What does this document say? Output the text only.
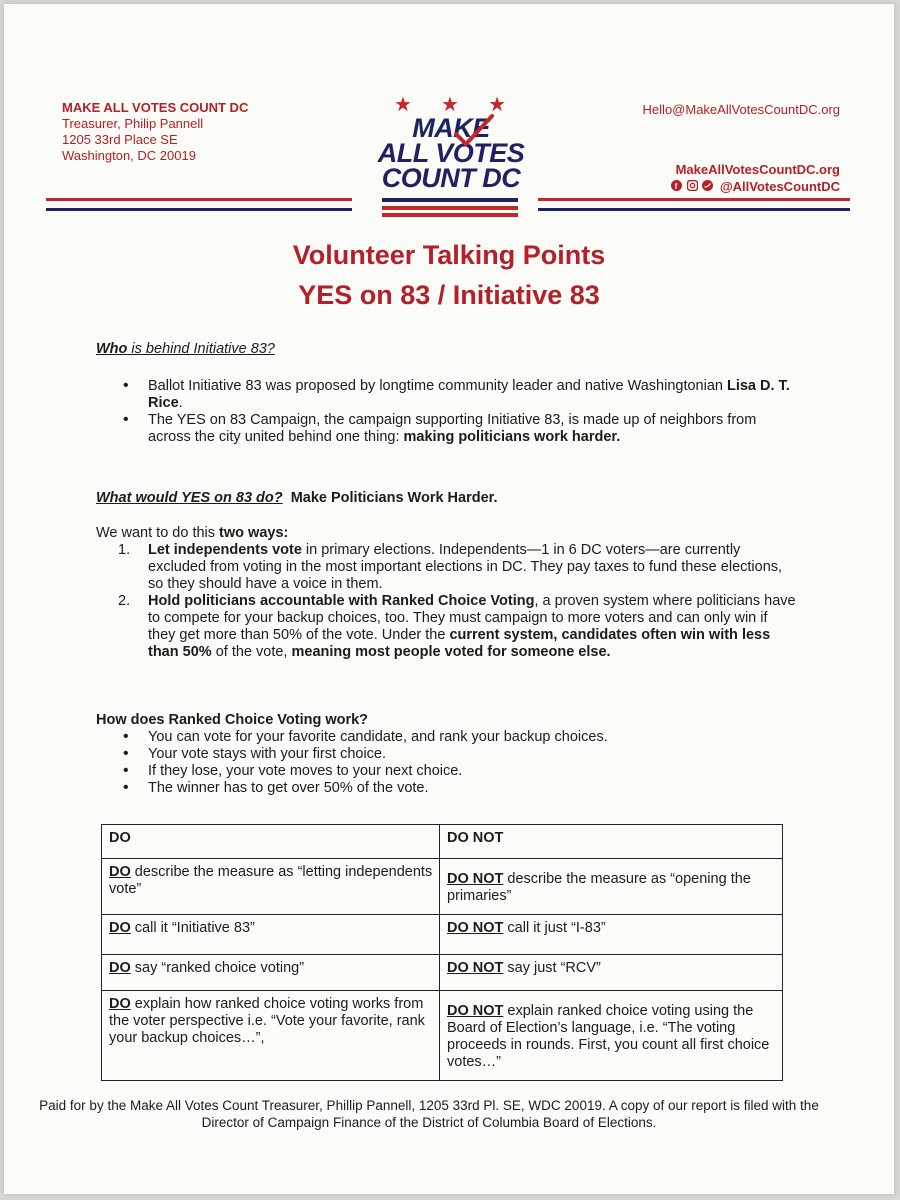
MAKE ALL VOTES COUNT DC
Treasurer, Philip Pannell
1205 33rd Place SE
Washington, DC 20019
★ ★ ★
MAKE
ALL VOTES
COUNT DC
Hello@MakeAllVotesCountDC.org
MakeAllVotesCountDC.org
f	@AllVotesCountDC
Volunteer Talking Points
YES on 83 / Initiative 83
Who is behind Initiative 83?
• Ballot Initiative 83 was proposed by longtime community leader and native Washingtonian Lisa D. T. Rice.
• The YES on 83 Campaign, the campaign supporting Initiative 83, is made up of neighbors from across the city united behind one thing: making politicians work harder.
What would YES on 83 do? Make Politicians Work Harder.
We want to do this two ways:
1. Let independents vote in primary elections. Independents—1 in 6 DC voters—are currently excluded from voting in the most important elections in DC. They pay taxes to fund these elections, so they should have a voice in them.
2. Hold politicians accountable with Ranked Choice Voting, a proven system where politicians have to compete for your backup choices, too. They must campaign to more voters and can only win if they get more than 50% of the vote. Under the current system, candidates often win with less than 50% of the vote, meaning most people voted for someone else.
How does Ranked Choice Voting work?
• You can vote for your favorite candidate, and rank your backup choices.
• Your vote stays with your first choice.
• If they lose, your vote moves to your next choice.
• The winner has to get over 50% of the vote.
DO	DO NOT
DO describe the measure as “letting independents vote”	DO NOT describe the measure as “opening the primaries”
DO call it “Initiative 83”	DO NOT call it just “I-83”
DO say “ranked choice voting”	DO NOT say just “RCV”
DO explain how ranked choice voting works from the voter perspective i.e. “Vote your favorite, rank your backup choices…”,	DO NOT explain ranked choice voting using the Board of Election’s language, i.e. “The voting proceeds in rounds. First, you count all first choice votes…”
Paid for by the Make All Votes Count Treasurer, Phillip Pannell, 1205 33rd Pl. SE, WDC 20019. A copy of our report is filed with the Director of Campaign Finance of the District of Columbia Board of Elections.
